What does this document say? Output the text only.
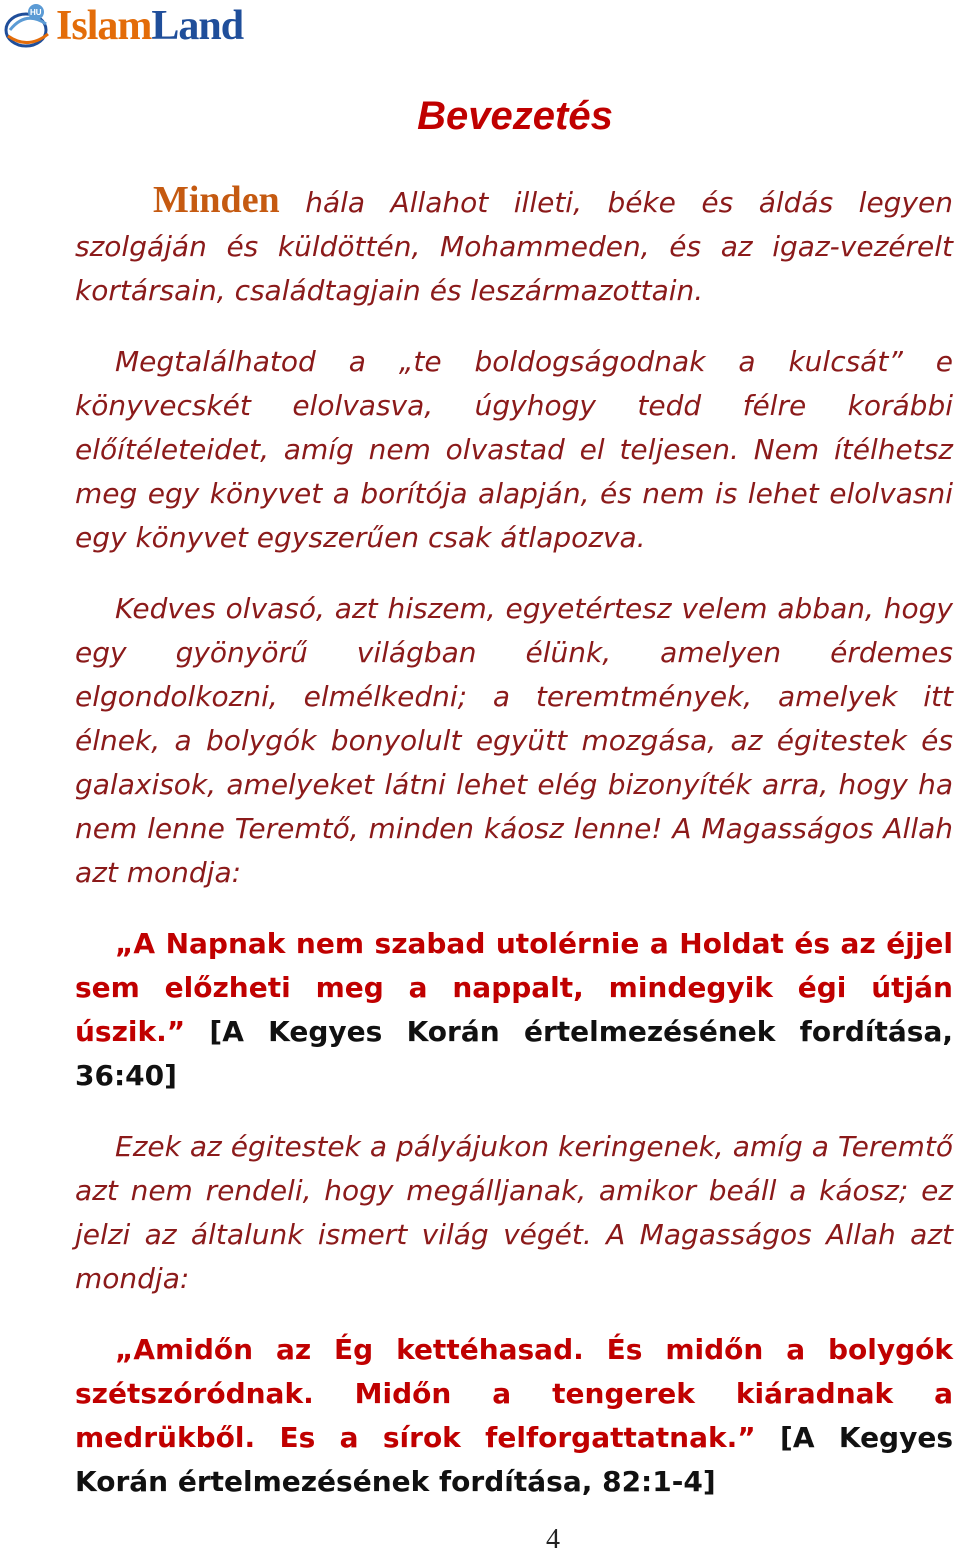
HU IslamLand
Bevezetés

Minden hála Allahot illeti, béke és áldás legyen szolgáján és küldöttén, Mohammeden, és az igaz-vezérelt kortársain, családtagjain és leszármazottain.

Megtalálhatod a „te boldogságodnak a kulcsát” e könyvecskét elolvasva, úgyhogy tedd félre korábbi előítéleteidet, amíg nem olvastad el teljesen. Nem ítélhetsz meg egy könyvet a borítója alapján, és nem is lehet elolvasni egy könyvet egyszerűen csak átlapozva.

Kedves olvasó, azt hiszem, egyetértesz velem abban, hogy egy gyönyörű világban élünk, amelyen érdemes elgondolkozni, elmélkedni; a teremtmények, amelyek itt élnek, a bolygók bonyolult együtt mozgása, az égitestek és galaxisok, amelyeket látni lehet elég bizonyíték arra, hogy ha nem lenne Teremtő, minden káosz lenne! A Magasságos Allah azt mondja:

„A Napnak nem szabad utolérnie a Holdat és az éjjel sem előzheti meg a nappalt, mindegyik égi útján úszik.” [A Kegyes Korán értelmezésének fordítása, 36:40]

Ezek az égitestek a pályájukon keringenek, amíg a Teremtő azt nem rendeli, hogy megálljanak, amikor beáll a káosz; ez jelzi az általunk ismert világ végét. A Magasságos Allah azt mondja:

„Amidőn az Ég kettéhasad. És midőn a bolygók szétszóródnak. Midőn a tengerek kiáradnak a medrükből. Es a sírok felforgattatnak.” [A Kegyes Korán értelmezésének fordítása, 82:1-4]

4
